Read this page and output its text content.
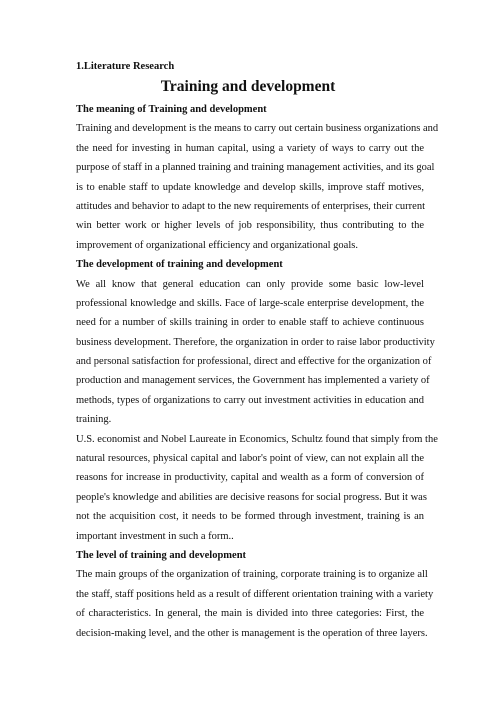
1.Literature Research
Training and development
The meaning of Training and development
Training and development is the means to carry out certain business organizations and
the need for investing in human capital, using a variety of ways to carry out the
purpose of staff in a planned training and training management activities, and its goal
is to enable staff to update knowledge and develop skills, improve staff motives,
attitudes and behavior to adapt to the new requirements of enterprises, their current
win better work or higher levels of job responsibility, thus contributing to the
improvement of organizational efficiency and organizational goals.
The development of training and development
We all know that general education can only provide some basic low-level
professional knowledge and skills. Face of large-scale enterprise development, the
need for a number of skills training in order to enable staff to achieve continuous
business development. Therefore, the organization in order to raise labor productivity
and personal satisfaction for professional, direct and effective for the organization of
production and management services, the Government has implemented a variety of
methods, types of organizations to carry out investment activities in education and
training.
U.S. economist and Nobel Laureate in Economics, Schultz found that simply from the
natural resources, physical capital and labor's point of view, can not explain all the
reasons for increase in productivity, capital and wealth as a form of conversion of
people's knowledge and abilities are decisive reasons for social progress. But it was
not the acquisition cost, it needs to be formed through investment, training is an
important investment in such a form..
The level of training and development
The main groups of the organization of training, corporate training is to organize all
the staff, staff positions held as a result of different orientation training with a variety
of characteristics. In general, the main is divided into three categories: First, the
decision-making level, and the other is management is the operation of three layers.
